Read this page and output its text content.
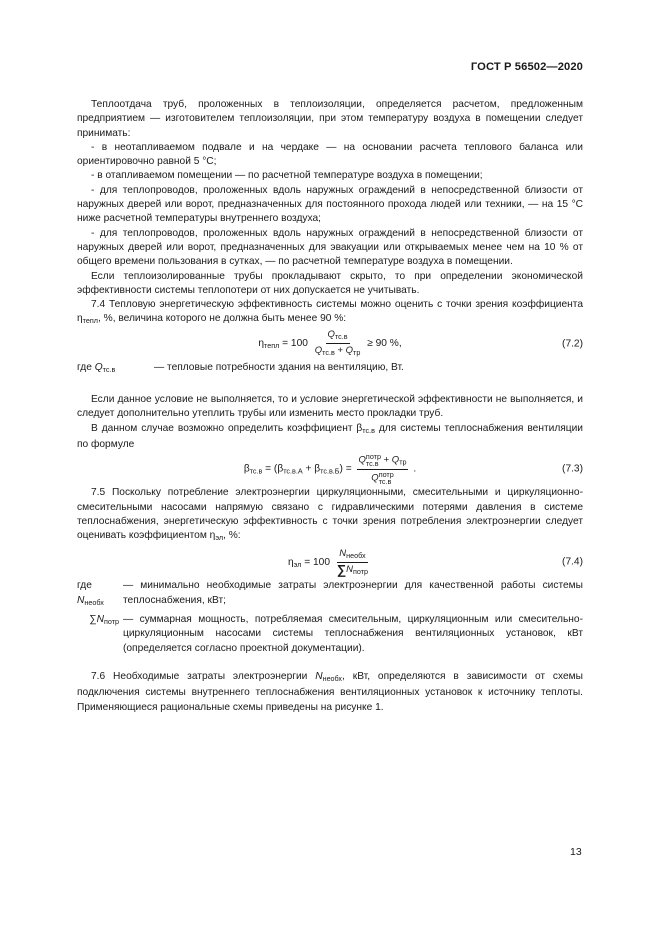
ГОСТ Р 56502—2020

Теплоотдача труб, проложенных в теплоизоляции, определяется расчетом, предложенным предприятием — изготовителем теплоизоляции, при этом температуру воздуха в помещении следует принимать:

- в неотапливаемом подвале и на чердаке — на основании расчета теплового баланса или ориентировочно равной 5 °С;

- в отапливаемом помещении — по расчетной температуре воздуха в помещении;

- для теплопроводов, проложенных вдоль наружных ограждений в непосредственной близости от наружных дверей или ворот, предназначенных для постоянного прохода людей или техники, — на 15 °С ниже расчетной температуры внутреннего воздуха;

- для теплопроводов, проложенных вдоль наружных ограждений в непосредственной близости от наружных дверей или ворот, предназначенных для эвакуации или открываемых менее чем на 10 % от общего времени пользования в сутках, — по расчетной температуре воздуха в помещении.

Если теплоизолированные трубы прокладывают скрыто, то при определении экономической эффективности системы теплопотери от них допускается не учитывать.

7.4 Тепловую энергетическую эффективность системы можно оценить с точки зрения коэффициента $\eta_{тепл}$, %, величина которого не должна быть менее 90 %:

$\eta_{тепл} = 100 \frac{Q_{тс.в}}{Q_{тс.в} + Q_{тр}} \ge 90$ %,	(7.2)
где $Q_{тс.в}$	— тепловые потребности здания на вентиляцию, Вт.

Если данное условие не выполняется, то и условие энергетической эффективности не выполняется, и следует дополнительно утеплить трубы или изменить место прокладки труб.

В данном случае возможно определить коэффициент $\beta_{тс.в}$ для системы теплоснабжения вентиляции по формуле

$\beta_{тс.в} = (\beta_{тс.в.А} + \beta_{тс.в.Б}) = Q$ потр
$тс.в + Q_{тр}$
Q потр
тс.в .	(7.3)

7.5 Поскольку потребление электроэнергии циркуляционными, смесительными и циркуляционно-смесительными насосами напрямую связано с гидравлическими потерями давления в системе теплоснабжения, энергетическую эффективность с точки зрения потребления электроэнергии следует оценивать коэффициентом $\eta_{эл}$, %:

$\eta_{эл} = 100 \frac{N_{необх}}{\sum N_{потр}}$	(7.4)
где $N_{необх}$
— минимально необходимые затраты электроэнергии для качественной работы системы теплоснабжения, кВт;
$\sum N_{потр}$ — суммарная мощность, потребляемая смесительным, циркуляционным или смесительно-циркуляционным насосами системы теплоснабжения вентиляционных установок, кВт (определяется согласно проектной документации).

7.6 Необходимые затраты электроэнергии $N_{необх}$, кВт, определяются в зависимости от схемы подключения системы внутреннего теплоснабжения вентиляционных установок к источнику теплоты. Применяющиеся рациональные схемы приведены на рисунке 1.

13
